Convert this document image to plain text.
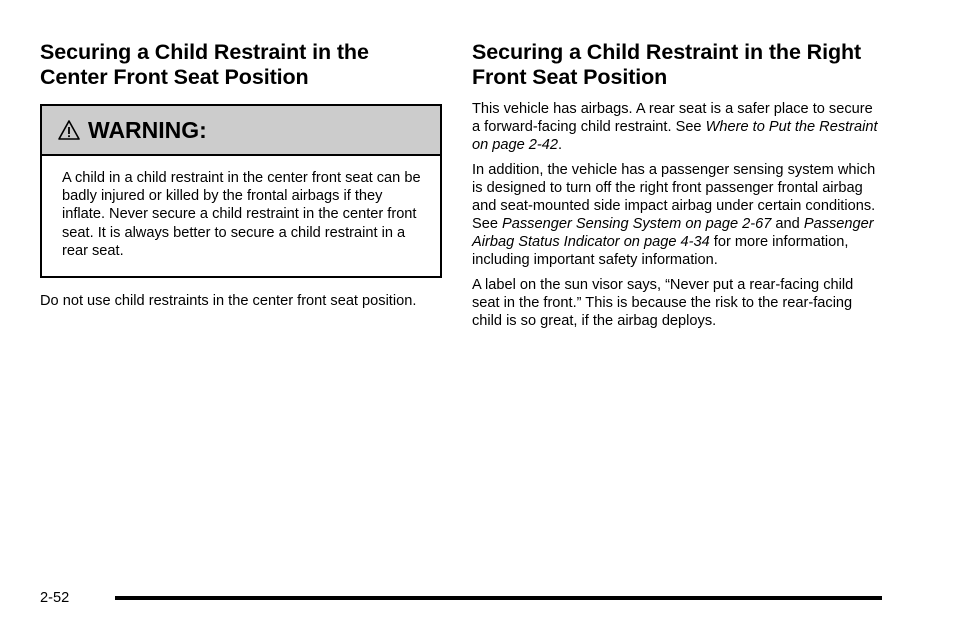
Securing a Child Restraint in the Center Front Seat Position
WARNING:
A child in a child restraint in the center front seat can be badly injured or killed by the frontal airbags if they inflate. Never secure a child restraint in the center front seat. It is always better to secure a child restraint in a rear seat.

Do not use child restraints in the center front seat position.

Securing a Child Restraint in the Right Front Seat Position

This vehicle has airbags. A rear seat is a safer place to secure a forward-facing child restraint. See Where to Put the Restraint on page 2-42.

In addition, the vehicle has a passenger sensing system which is designed to turn off the right front passenger frontal airbag and seat-mounted side impact airbag under certain conditions. See Passenger Sensing System on page 2-67 and Passenger Airbag Status Indicator on page 4-34 for more information, including important safety information.

A label on the sun visor says, “Never put a rear-facing child seat in the front.” This is because the risk to the rear-facing child is so great, if the airbag deploys.

2-52
